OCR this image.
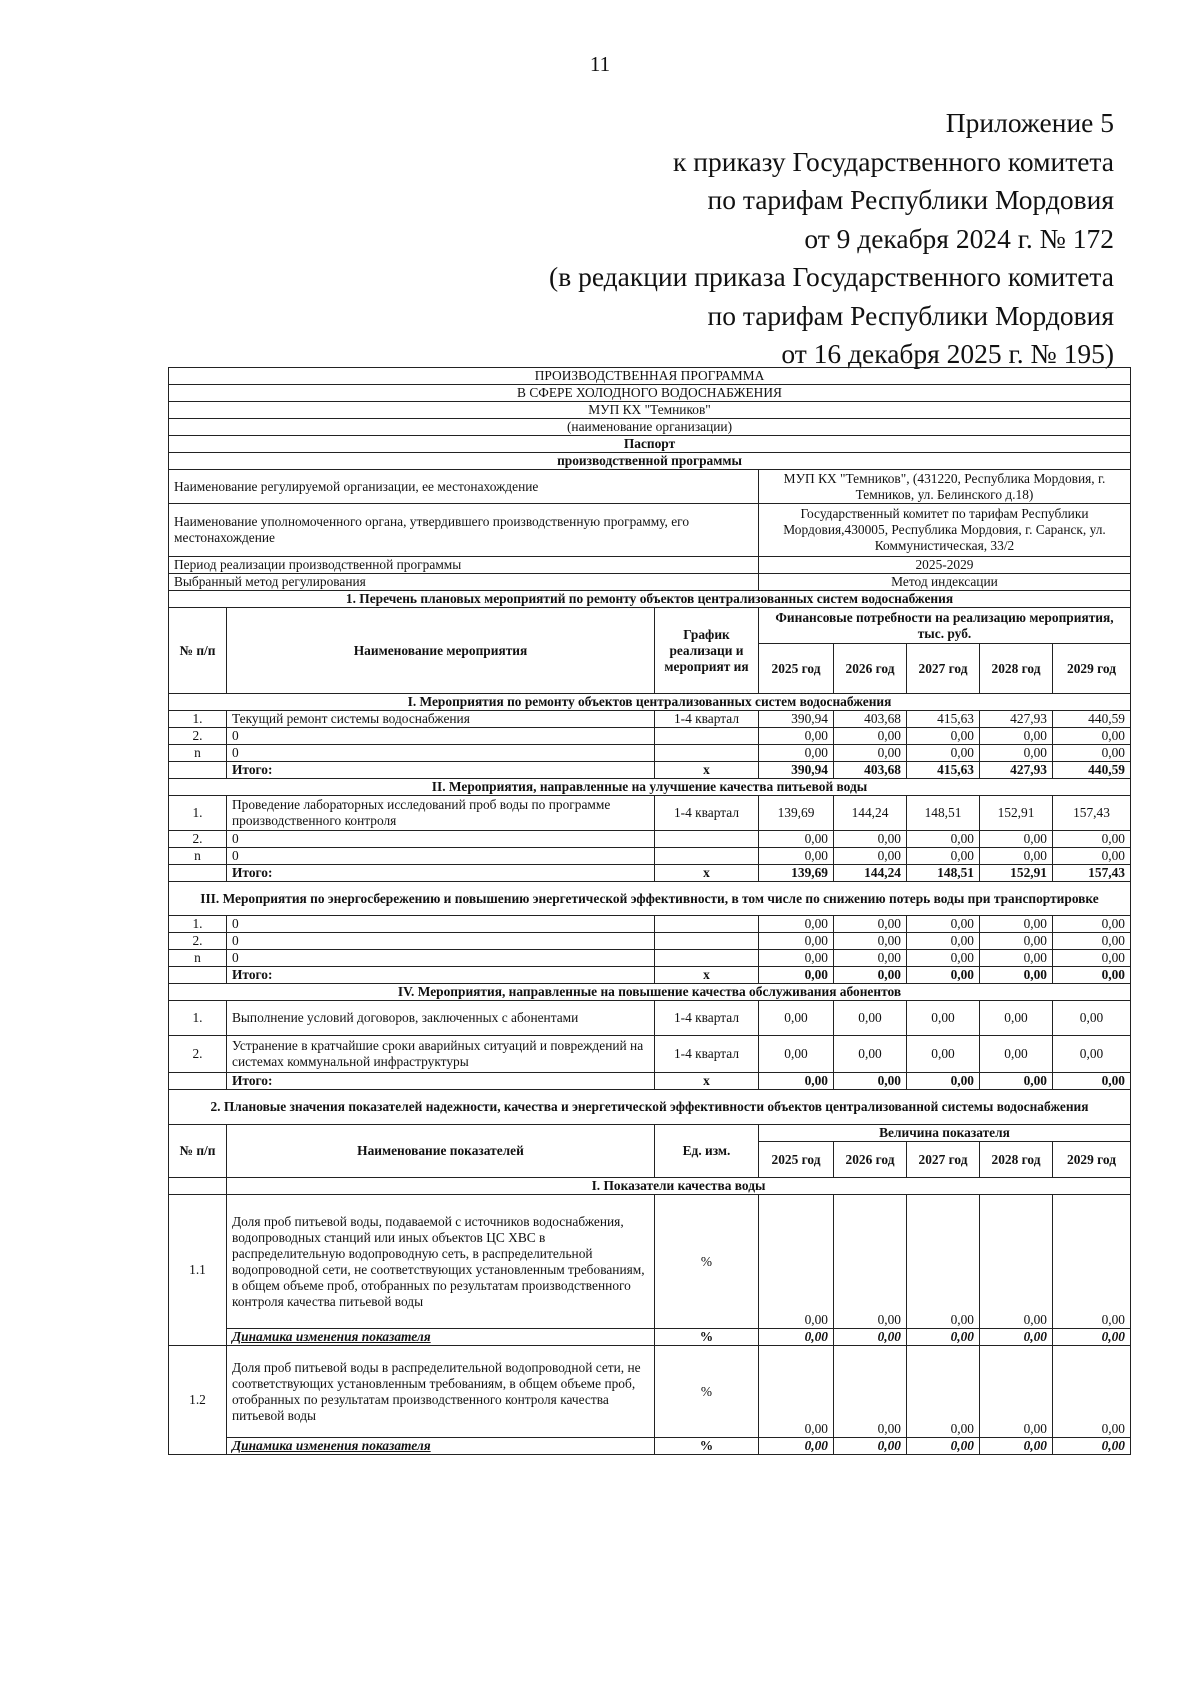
11
Приложение 5
к приказу Государственного комитета
по тарифам Республики Мордовия
от 9 декабря 2024 г. № 172
(в редакции приказа Государственного комитета
по тарифам Республики Мордовия
от 16 декабря 2025 г. № 195)
ПРОИЗВОДСТВЕННАЯ ПРОГРАММА							
В СФЕРЕ ХОЛОДНОГО ВОДОСНАБЖЕНИЯ							
МУП КХ "Темников"							
(наименование организации)							
Паспорт							
производственной программы							
Наименование регулируемой организации, ее местонахождение			МУП КХ "Темников", (431220, Республика Мордовия, г. Темников, ул. Белинского д.18)				
Наименование уполномоченного органа, утвердившего производственную программу, его местонахождение			Государственный комитет по тарифам Республики Мордовия,430005, Республика Мордовия, г. Саранск, ул. Коммунистическая, 33/2				
Период реализации производственной программы			2025-2029				
Выбранный метод регулирования			Метод индексации				
1. Перечень плановых мероприятий по ремонту объектов централизованных систем водоснабжения							
№ п/п	Наименование мероприятия	График реализаци и мероприят ия	Финансовые потребности на реализацию мероприятия, тыс. руб.				
			2025 год	2026 год	2027 год	2028 год	2029 год
I. Мероприятия по ремонту объектов централизованных систем водоснабжения							
1.	Текущий ремонт системы водоснабжения	1-4 квартал	390,94	403,68	415,63	427,93	440,59
2.	0		0,00	0,00	0,00	0,00	0,00
n	0		0,00	0,00	0,00	0,00	0,00
	Итого:	x	390,94	403,68	415,63	427,93	440,59
II. Мероприятия, направленные на улучшение качества питьевой воды							
1.	Проведение лабораторных исследований проб воды по программе производственного контроля	1-4 квартал	139,69	144,24	148,51	152,91	157,43
2.	0		0,00	0,00	0,00	0,00	0,00
n	0		0,00	0,00	0,00	0,00	0,00
	Итого:	x	139,69	144,24	148,51	152,91	157,43
III. Мероприятия по энергосбережению и повышению энергетической эффективности, в том числе по снижению потерь воды при транспортировке							
1.	0		0,00	0,00	0,00	0,00	0,00
2.	0		0,00	0,00	0,00	0,00	0,00
n	0		0,00	0,00	0,00	0,00	0,00
	Итого:	x	0,00	0,00	0,00	0,00	0,00
IV. Мероприятия, направленные на повышение качества обслуживания абонентов							
1.	Выполнение условий договоров, заключенных с абонентами	1-4 квартал	0,00	0,00	0,00	0,00	0,00
2.	Устранение в кратчайшие сроки аварийных ситуаций и повреждений на системах коммунальной инфраструктуры	1-4 квартал	0,00	0,00	0,00	0,00	0,00
	Итого:	x	0,00	0,00	0,00	0,00	0,00
2. Плановые значения показателей надежности, качества и энергетической эффективности объектов централизованной системы водоснабжения							
№ п/п	Наименование показателей	Ед. изм.	Величина показателя				
			2025 год	2026 год	2027 год	2028 год	2029 год
	I. Показатели качества воды						
1.1	Доля проб питьевой воды, подаваемой с источников водоснабжения, водопроводных станций или иных объектов ЦС ХВС в распределительную водопроводную сеть, в распределительной водопроводной сети, не соответствующих установленным требованиям, в общем объеме проб, отобранных по результатам производственного контроля качества питьевой воды	%	0,00	0,00	0,00	0,00	0,00
	Динамика изменения показателя	%	0,00	0,00	0,00	0,00	0,00
1.2	Доля проб питьевой воды в распределительной водопроводной сети, не соответствующих установленным требованиям, в общем объеме проб, отобранных по результатам производственного контроля качества питьевой воды	%	0,00	0,00	0,00	0,00	0,00
	Динамика изменения показателя	%	0,00	0,00	0,00	0,00	0,00
